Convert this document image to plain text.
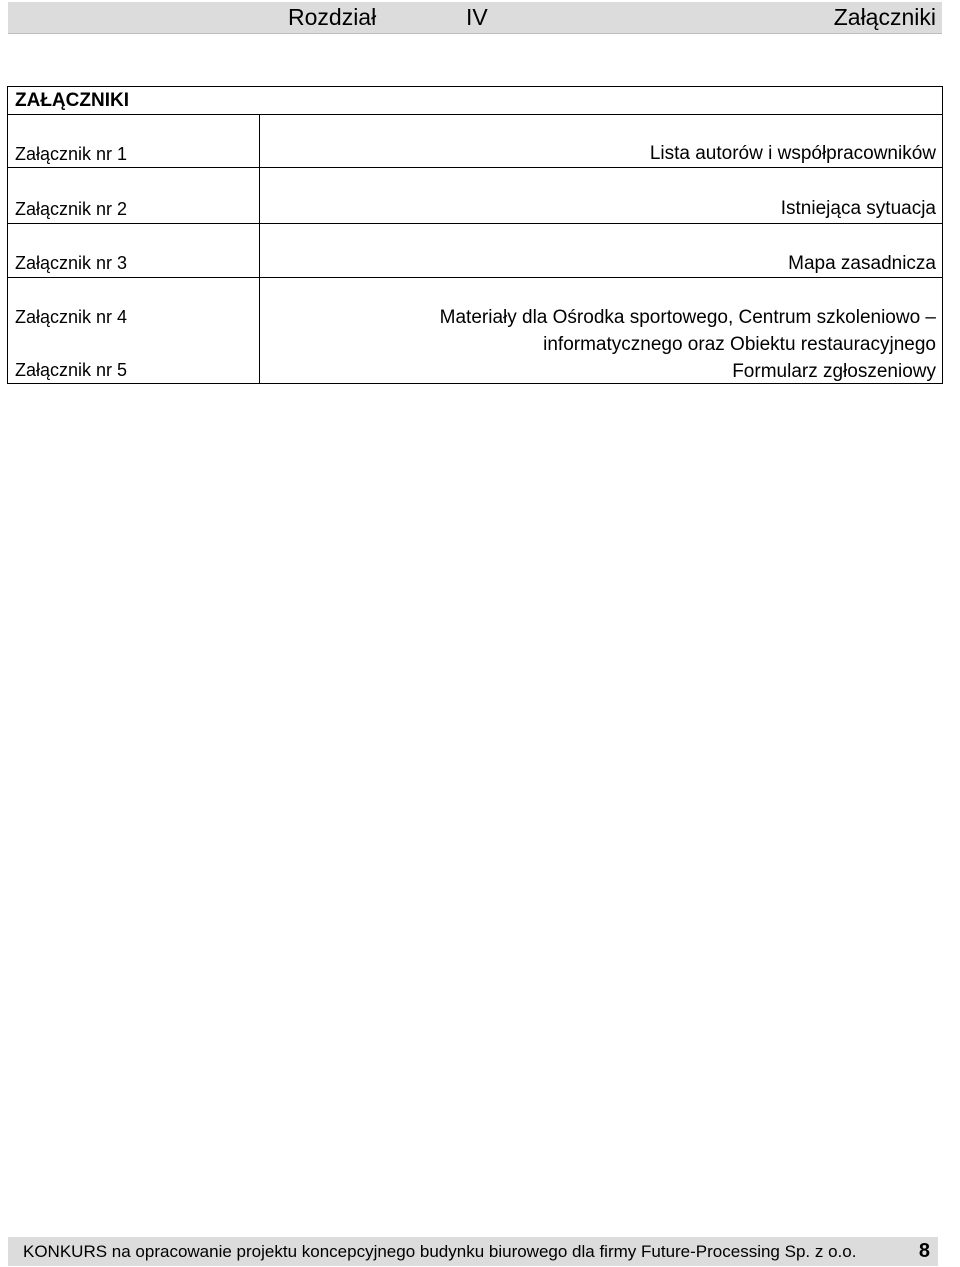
Rozdział	IV	Załączniki
ZAŁĄCZNIKI
Załącznik nr 1	Lista autorów i współpracowników
Załącznik nr 2	Istniejąca sytuacja
Załącznik nr 3	Mapa zasadnicza
Załącznik nr 4	Materiały dla Ośrodka sportowego, Centrum szkoleniowo –
informatycznego oraz Obiektu restauracyjnego
Załącznik nr 5	Formularz zgłoszeniowy
KONKURS na opracowanie projektu koncepcyjnego budynku biurowego dla firmy Future-Processing Sp. z o.o.	8
